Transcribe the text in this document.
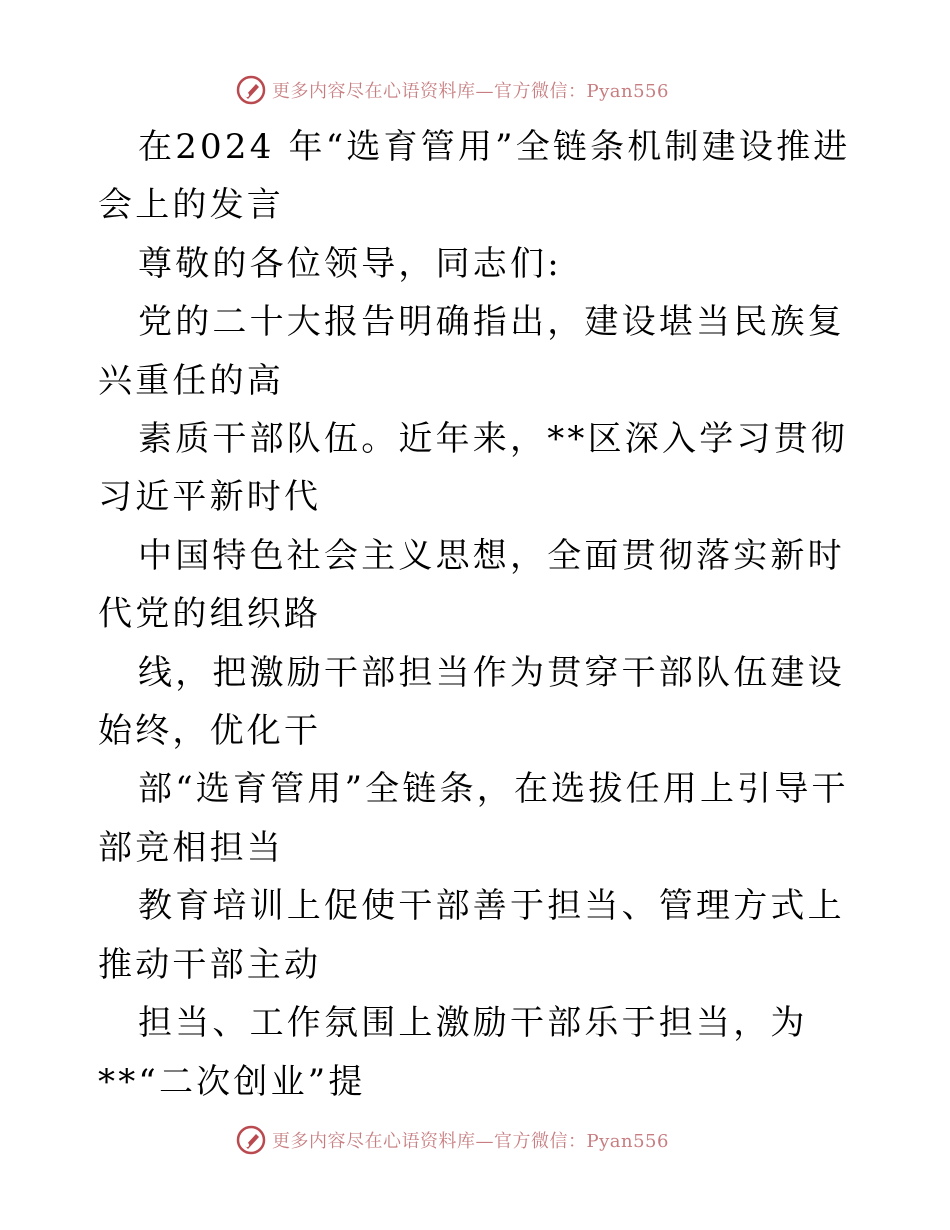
更多内容尽在心语资料库—官方微信：Pyan556

在2024 年“选育管用”全链条机制建设推进会上的发言

尊敬的各位领导，同志们:

党的二十大报告明确指出，建设堪当民族复兴重任的高

素质干部队伍。近年来，**区深入学习贯彻习近平新时代

中国特色社会主义思想，全面贯彻落实新时代党的组织路

线，把激励干部担当作为贯穿干部队伍建设始终，优化干

部“选育管用”全链条，在选拔任用上引导干部竞相担当

教育培训上促使干部善于担当、管理方式上推动干部主动

担当、工作氛围上激励干部乐于担当，为**“二次创业”提

更多内容尽在心语资料库—官方微信：Pyan556
